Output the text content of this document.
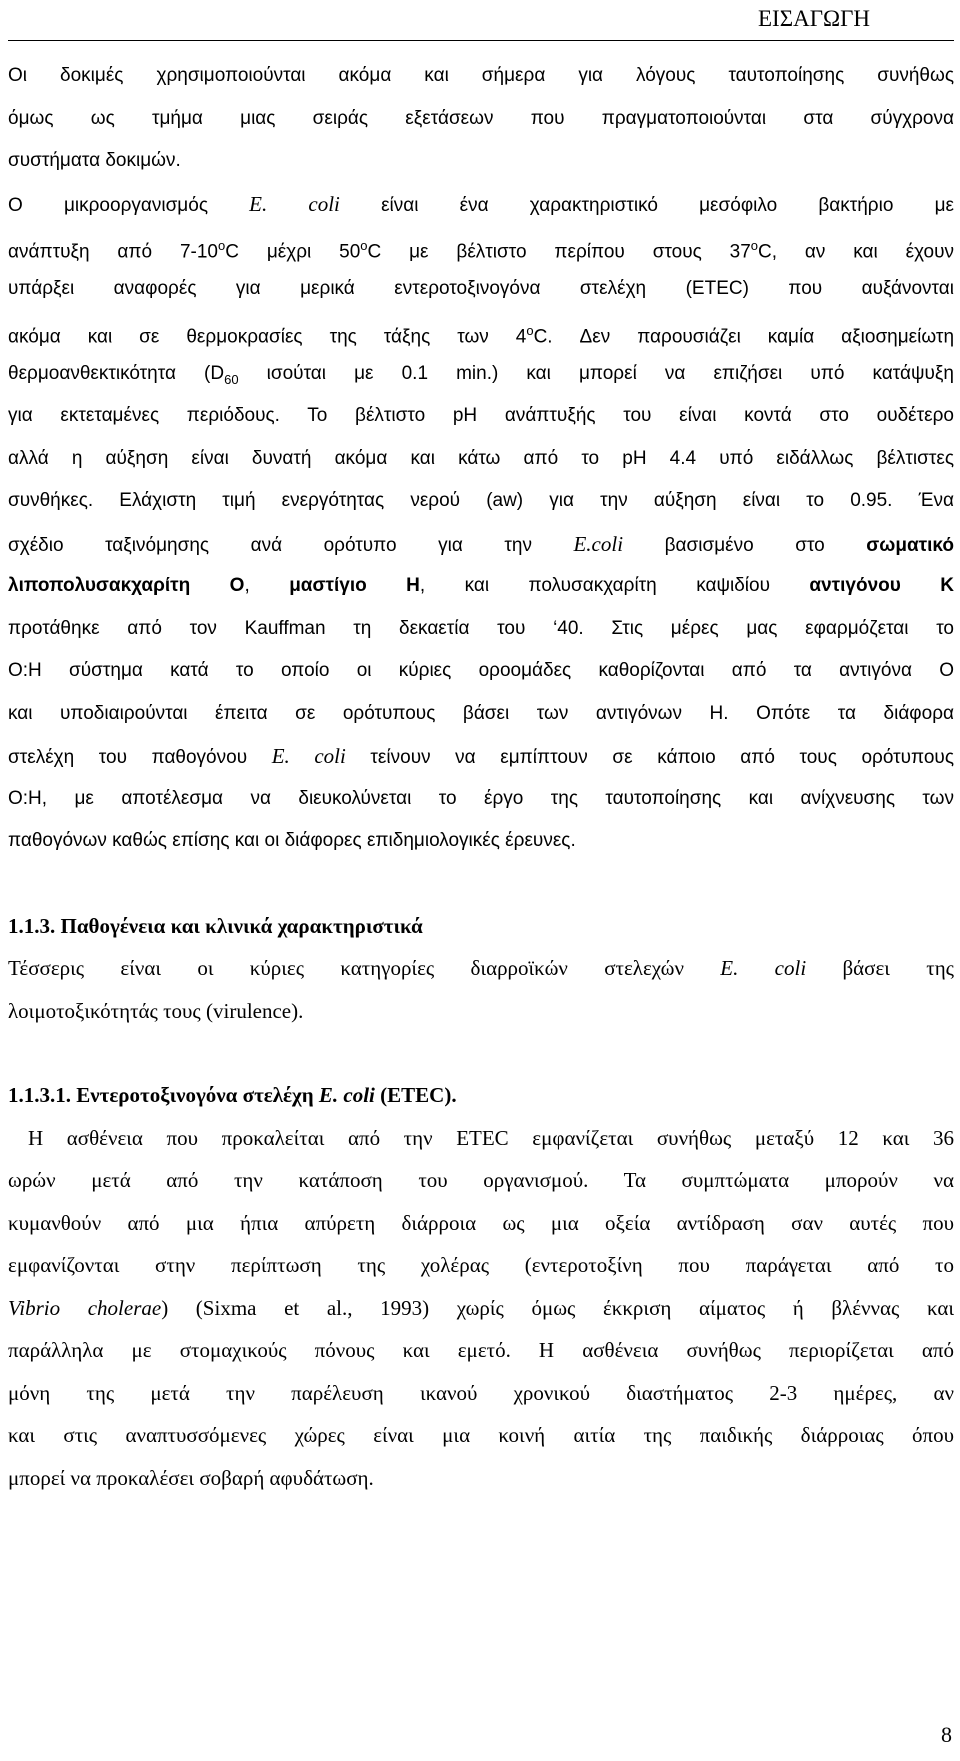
ΕΙΣΑΓΩΓΗ
Οι δοκιμές χρησιμοποιούνται ακόμα και σήμερα για λόγους ταυτοποίησης συνήθως
όμως ως τμήμα μιας σειράς εξετάσεων που πραγματοποιούνται στα σύγχρονα
συστήματα δοκιμών.
Ο μικροοργανισμός E. coli είναι ένα χαρακτηριστικό μεσόφιλο βακτήριο με
ανάπτυξη από 7-10$^o$C μέχρι 50$^o$C με βέλτιστο περίπου στους 37$^o$C, αν και έχουν
υπάρξει αναφορές για μερικά εντεροτοξινογόνα στελέχη (ETEC) που αυξάνονται
ακόμα και σε θερμοκρασίες της τάξης των 4$^o$C. Δεν παρουσιάζει καμία αξιοσημείωτη
θερμοανθεκτικότητα ($D_{60}$ ισούται με 0.1 min.) και μπορεί να επιζήσει υπό κατάψυξη
για εκτεταμένες περιόδους. Το βέλτιστο pH ανάπτυξής του είναι κοντά στο ουδέτερο
αλλά η αύξηση είναι δυνατή ακόμα και κάτω από το pH 4.4 υπό ειδάλλως βέλτιστες
συνθήκες. Ελάχιστη τιμή ενεργότητας νερού (aw) για την αύξηση είναι το 0.95. Ένα
σχέδιο ταξινόμησης ανά ορότυπο για την E.coli βασισμένο στο σωματικό
λιποπολυσακχαρίτη Ο, μαστίγιο Η, και πολυσακχαρίτη καψιδίου αντιγόνου Κ
προτάθηκε από τον Kauffman τη δεκαετία του ‘40. Στις μέρες μας εφαρμόζεται το
Ο:Η σύστημα κατά το οποίο οι κύριες οροομάδες καθορίζονται από τα αντιγόνα Ο
και υποδιαιρούνται έπειτα σε ορότυπους βάσει των αντιγόνων Η. Οπότε τα διάφορα
στελέχη του παθογόνου E. coli τείνουν να εμπίπτουν σε κάποιο από τους ορότυπους
Ο:Η, με αποτέλεσμα να διευκολύνεται το έργο της ταυτοποίησης και ανίχνευσης των
παθογόνων καθώς επίσης και οι διάφορες επιδημιολογικές έρευνες.
1.1.3. Παθογένεια και κλινικά χαρακτηριστικά
Τέσσερις είναι οι κύριες κατηγορίες διαρροϊκών στελεχών E. coli βάσει της
λοιμοτοξικότητάς τους (virulence).
1.1.3.1. Εντεροτοξινογόνα στελέχη E. coli (ETEC).
Η ασθένεια που προκαλείται από την ETEC εμφανίζεται συνήθως μεταξύ 12 και 36
ωρών μετά από την κατάποση του οργανισμού. Τα συμπτώματα μπορούν να
κυμανθούν από μια ήπια απύρετη διάρροια ως μια οξεία αντίδραση σαν αυτές που
εμφανίζονται στην περίπτωση της χολέρας (εντεροτοξίνη που παράγεται από το
Vibrio cholerae) (Sixma et al., 1993) χωρίς όμως έκκριση αίματος ή βλέννας και
παράλληλα με στομαχικούς πόνους και εμετό. Η ασθένεια συνήθως περιορίζεται από
μόνη της μετά την παρέλευση ικανού χρονικού διαστήματος 2-3 ημέρες, αν
και στις αναπτυσσόμενες χώρες είναι μια κοινή αιτία της παιδικής διάρροιας όπου
μπορεί να προκαλέσει σοβαρή αφυδάτωση.
8
